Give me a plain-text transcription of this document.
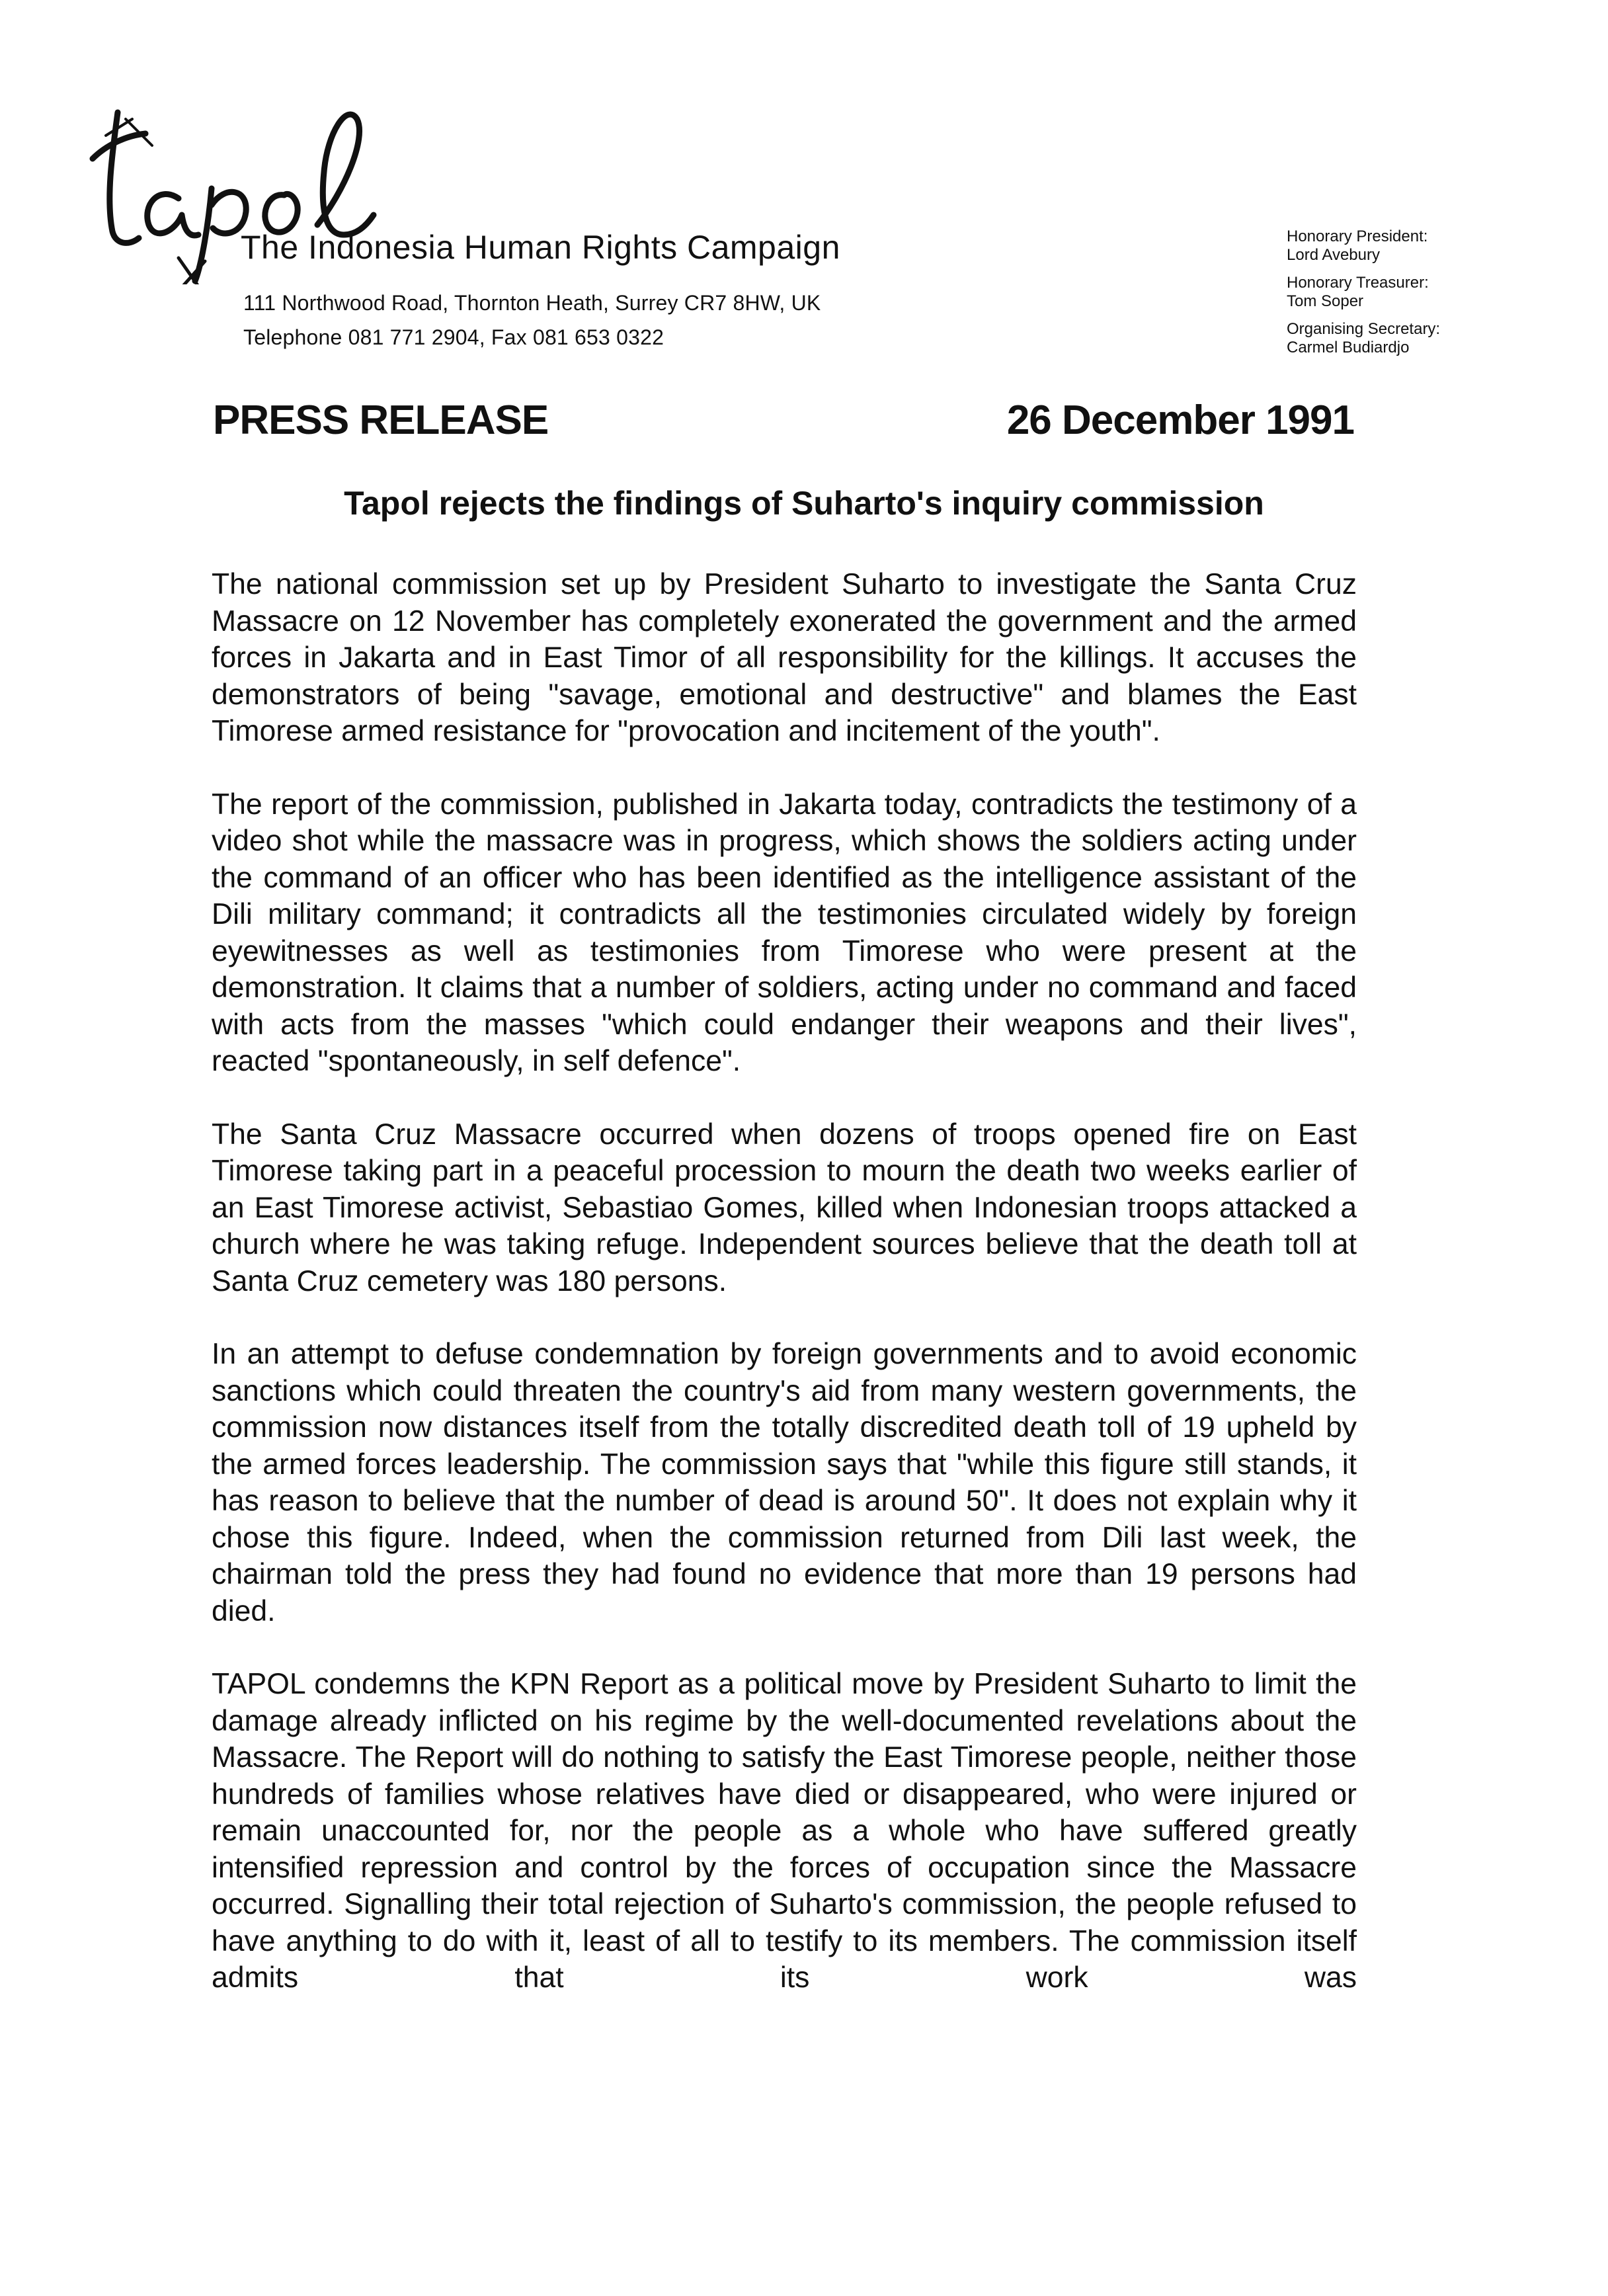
The Indonesia Human Rights Campaign
111 Northwood Road, Thornton Heath, Surrey CR7 8HW, UK
Telephone 081 771 2904, Fax 081 653 0322
Honorary President:
Lord Avebury
Honorary Treasurer:
Tom Soper
Organising Secretary:
Carmel Budiardjo
PRESS RELEASE	26 December 1991
Tapol rejects the findings of Suharto's inquiry commission

The national commission set up by President Suharto to investigate the Santa Cruz Massacre on 12 November has completely exonerated the government and the armed forces in Jakarta and in East Timor of all responsibility for the killings. It accuses the demonstrators of being "savage, emotional and destructive" and blames the East Timorese armed resistance for "provocation and incitement of the youth".

The report of the commission, published in Jakarta today, contradicts the testimony of a video shot while the massacre was in progress, which shows the soldiers acting under the command of an officer who has been identified as the intelligence assistant of the Dili military command; it contradicts all the testimonies circulated widely by foreign eyewitnesses as well as testimonies from Timorese who were present at the demonstration. It claims that a number of soldiers, acting under no command and faced with acts from the masses "which could endanger their weapons and their lives", reacted "spontaneously, in self defence".

The Santa Cruz Massacre occurred when dozens of troops opened fire on East Timorese taking part in a peaceful procession to mourn the death two weeks earlier of an East Timorese activist, Sebastiao Gomes, killed when Indonesian troops attacked a church where he was taking refuge. Independent sources believe that the death toll at Santa Cruz cemetery was 180 persons.

In an attempt to defuse condemnation by foreign governments and to avoid economic sanctions which could threaten the country's aid from many western governments, the commission now distances itself from the totally discredited death toll of 19 upheld by the armed forces leadership. The commission says that "while this figure still stands, it has reason to believe that the number of dead is around 50". It does not explain why it chose this figure. Indeed, when the commission returned from Dili last week, the chairman told the press they had found no evidence that more than 19 persons had died.

TAPOL condemns the KPN Report as a political move by President Suharto to limit the damage already inflicted on his regime by the well-documented revelations about the Massacre. The Report will do nothing to satisfy the East Timorese people, neither those hundreds of families whose relatives have died or disappeared, who were injured or remain unaccounted for, nor the people as a whole who have suffered greatly intensified repression and control by the forces of occupation since the Massacre occurred. Signalling their total rejection of Suharto's commission, the people refused to have anything to do with it, least of all to testify to its members. The commission itself admits that its work was
